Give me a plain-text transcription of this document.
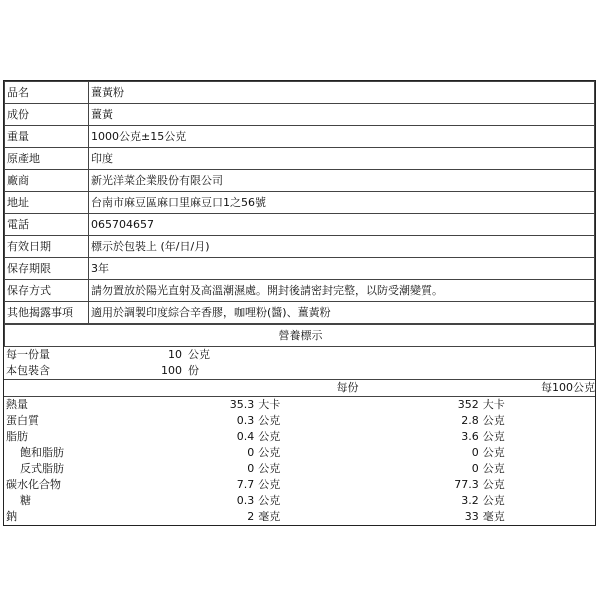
品名	薑黃粉
成份	薑黃
重量	1000公克±15公克
原產地	印度
廠商	新光洋菜企業股份有限公司
地址	台南市麻豆區麻口里麻豆口1之56號
電話	065704657
有效日期	標示於包裝上 (年/日/月)
保存期限	3年
保存方式	請勿置放於陽光直射及高溫潮濕處。開封後請密封完整，以防受潮變質。
其他揭露事項	適用於調製印度綜合辛香膠，咖哩粉(醬)、薑黃粉
營養標示
每一份量	10 公克			
本包裝含	100 份			
	每份		每100公克	
熱量	35.3	大卡	352	大卡
蛋白質	0.3	公克	2.8	公克
脂肪	0.4	公克	3.6	公克
飽和脂肪	0	公克	0	公克
反式脂肪	0	公克	0	公克
碳水化合物	7.7	公克	77.3	公克
糖	0.3	公克	3.2	公克
鈉	2	毫克	33	毫克
